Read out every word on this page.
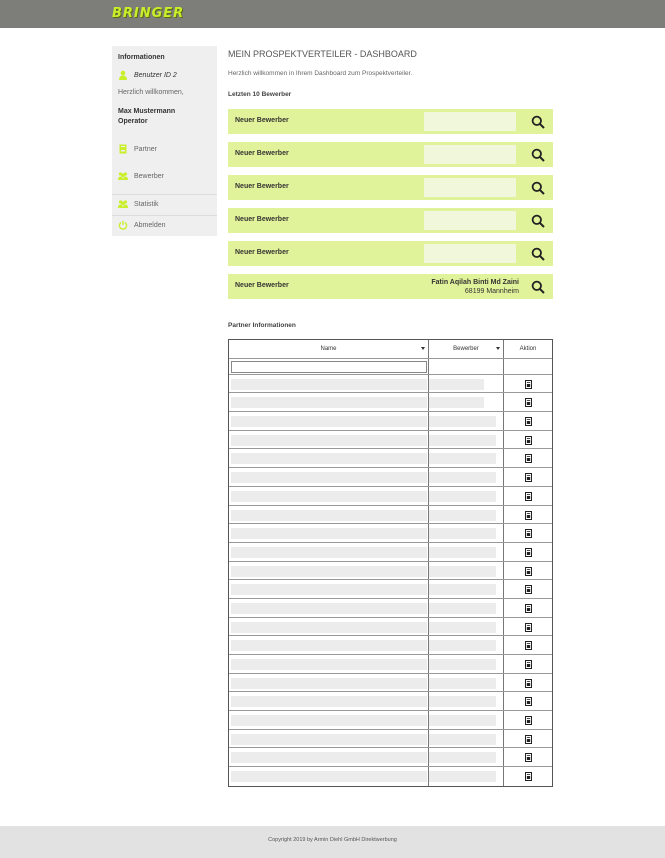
BRINGER
Informationen
Benutzer ID 2
Herzlich willkommen,
Max Mustermann
Operator
Partner
Bewerber
Statistik
Abmelden
MEIN PROSPEKTVERTEILER - DASHBOARD
Herzlich willkommen in Ihrem Dashboard zum Prospektverteiler.
Letzten 10 Bewerber
Neuer Bewerber
Neuer Bewerber
Neuer Bewerber
Neuer Bewerber
Neuer Bewerber
Neuer Bewerber	Fatin Aqilah Binti Md Zaini
68199 Mannheim
Partner Informationen
Name	Bewerber	Aktion
Copyright 2019 by Armin Diehl GmbH Direktwerbung
